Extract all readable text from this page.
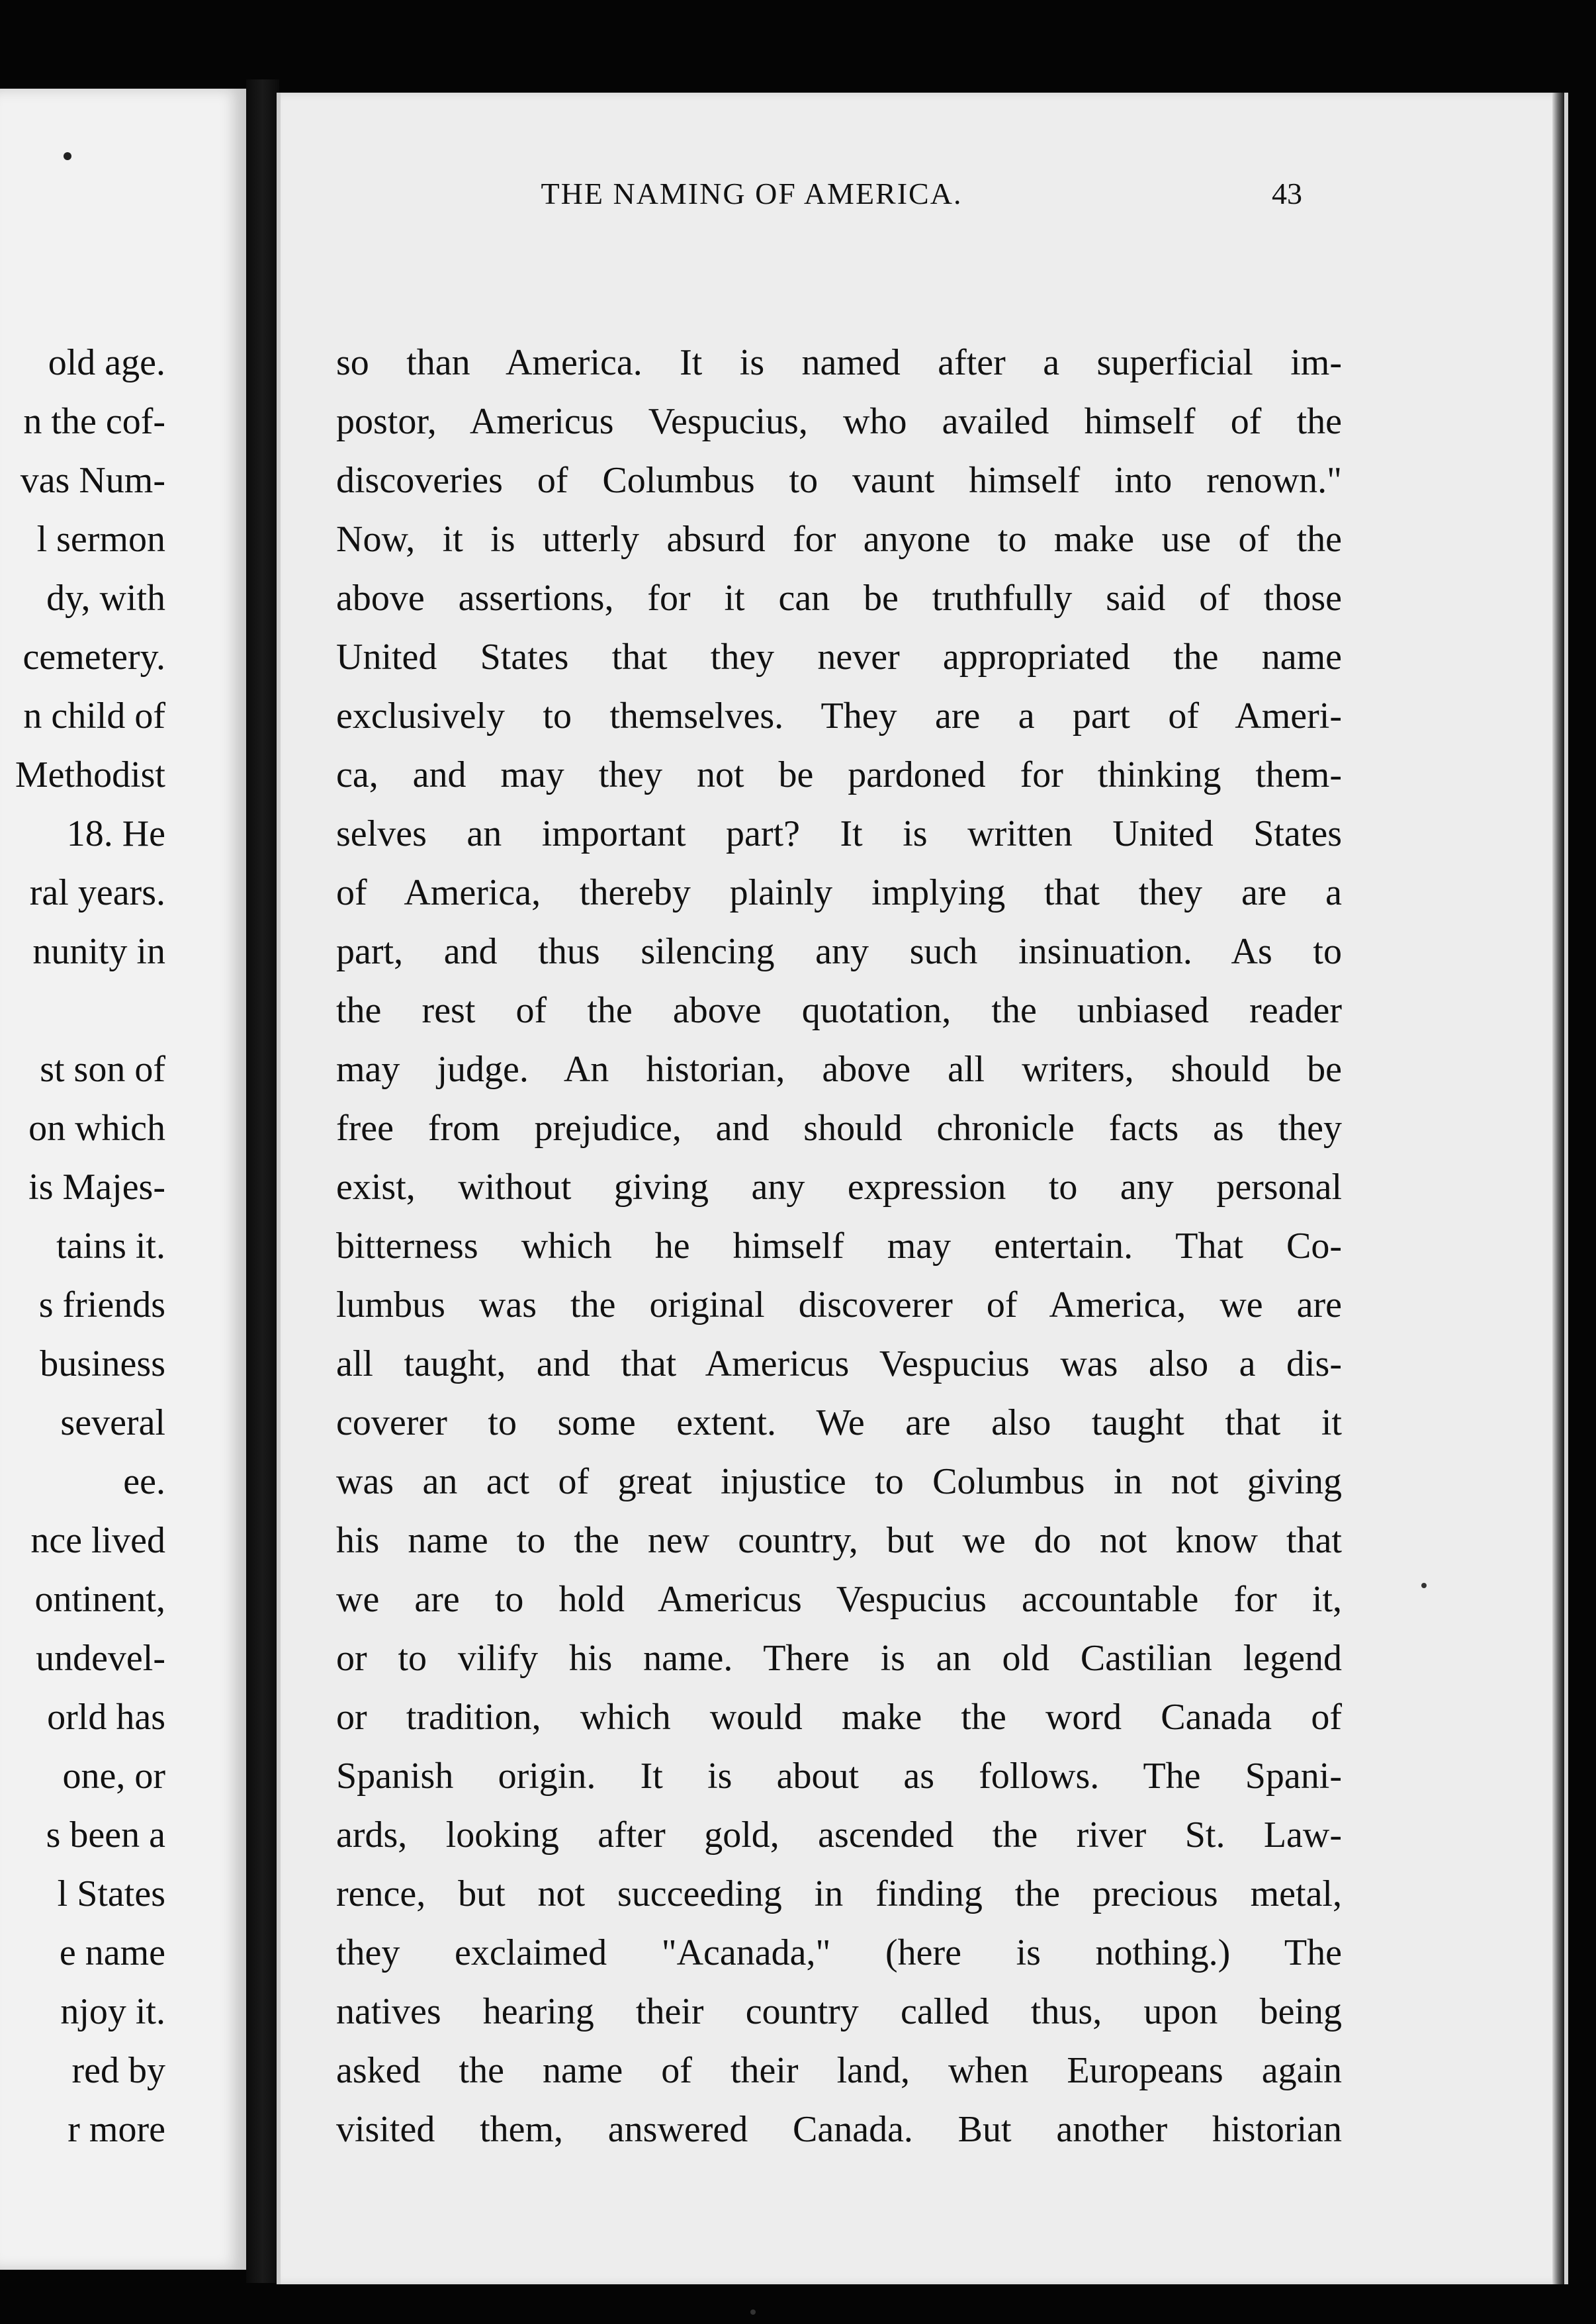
old age.
n the cof-
vas Num-
l sermon
dy, with
cemetery.
n child of
Methodist
18. He
ral years.
nunity in
st son of
on which
is Majes-
tains it.
s friends
business
several
ee.
nce lived
ontinent,
undevel-
orld has
one, or
s been a
l States
e name
njoy it.
red by
r more
THE NAMING OF AMERICA.	43
so than America. It is named after a superficial im-
postor, Americus Vespucius, who availed himself of the
discoveries of Columbus to vaunt himself into renown."
Now, it is utterly absurd for anyone to make use of the
above assertions, for it can be truthfully said of those
United States that they never appropriated the name
exclusively to themselves. They are a part of Ameri-
ca, and may they not be pardoned for thinking them-
selves an important part? It is written United States
of America, thereby plainly implying that they are a
part, and thus silencing any such insinuation. As to
the rest of the above quotation, the unbiased reader
may judge. An historian, above all writers, should be
free from prejudice, and should chronicle facts as they
exist, without giving any expression to any personal
bitterness which he himself may entertain. That Co-
lumbus was the original discoverer of America, we are
all taught, and that Americus Vespucius was also a dis-
coverer to some extent. We are also taught that it
was an act of great injustice to Columbus in not giving
his name to the new country, but we do not know that
we are to hold Americus Vespucius accountable for it,
or to vilify his name. There is an old Castilian legend
or tradition, which would make the word Canada of
Spanish origin. It is about as follows. The Spani-
ards, looking after gold, ascended the river St. Law-
rence, but not succeeding in finding the precious metal,
they exclaimed "Acanada," (here is nothing.) The
natives hearing their country called thus, upon being
asked the name of their land, when Europeans again
visited them, answered Canada. But another historian
